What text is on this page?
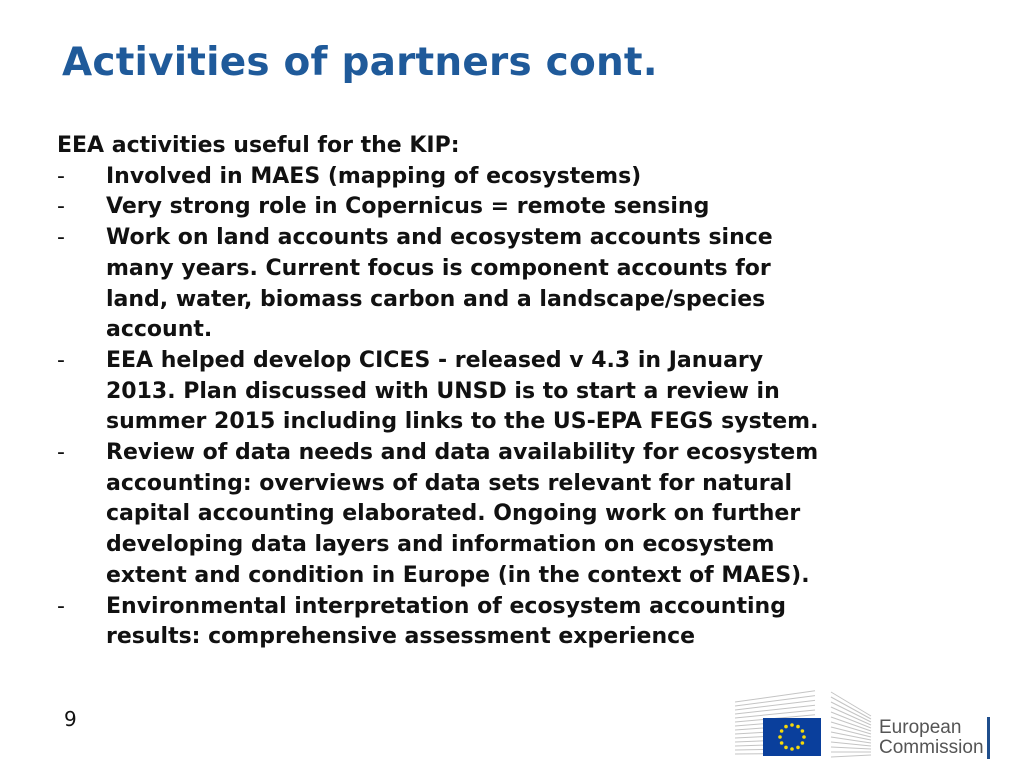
Activities of partners cont.
EEA activities useful for the KIP:
- Involved in MAES (mapping of ecosystems)
- Very strong role in Copernicus = remote sensing
- Work on land accounts and ecosystem accounts since
many years. Current focus is component accounts for
land, water, biomass carbon and a landscape/species
account.
- EEA helped develop CICES - released v 4.3 in January
2013. Plan discussed with UNSD is to start a review in
summer 2015 including links to the US-EPA FEGS system.
- Review of data needs and data availability for ecosystem
accounting: overviews of data sets relevant for natural
capital accounting elaborated. Ongoing work on further
developing data layers and information on ecosystem
extent and condition in Europe (in the context of MAES).
- Environmental interpretation of ecosystem accounting
results: comprehensive assessment experience
9	European
Commission
